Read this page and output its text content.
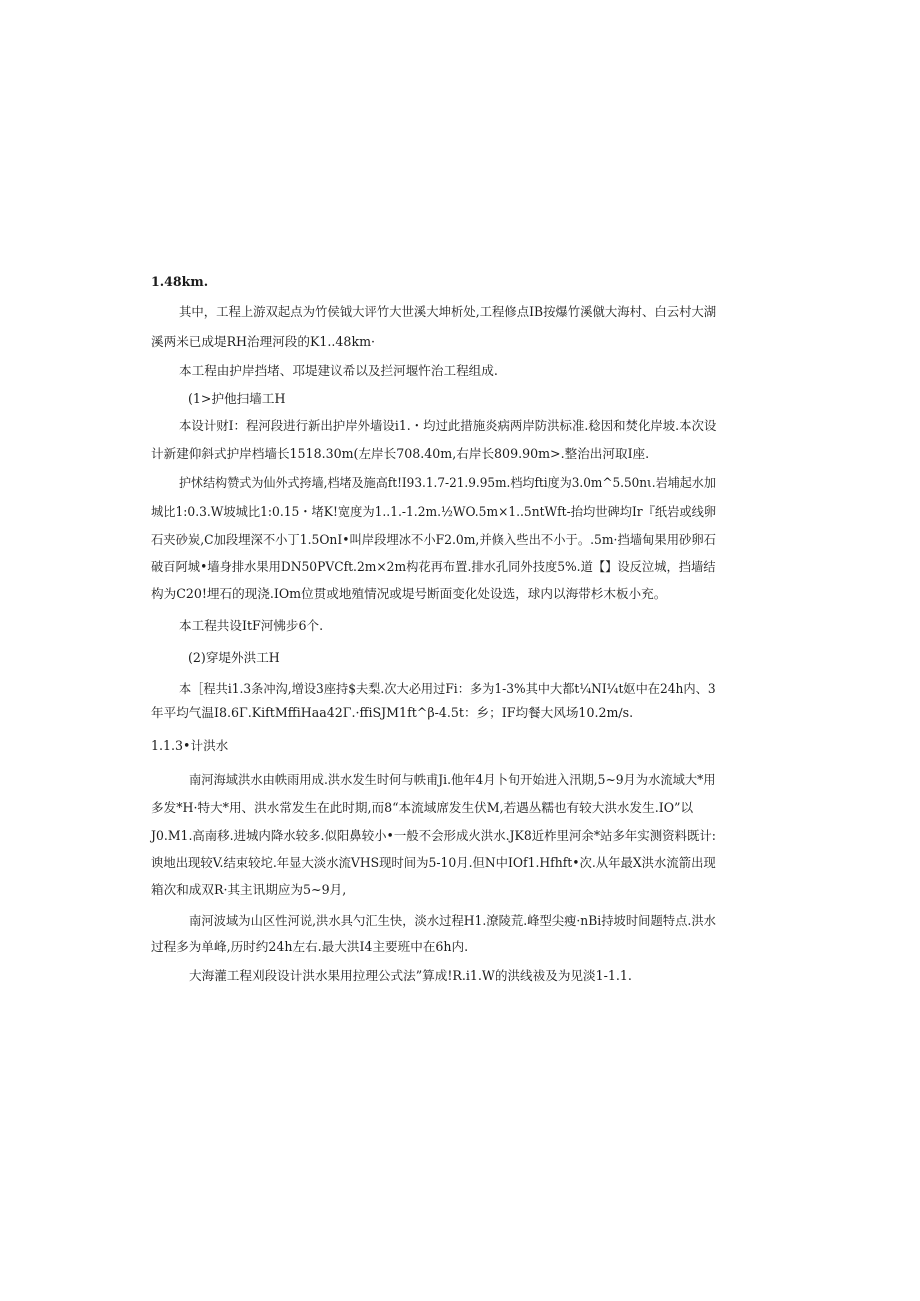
1.48km.
其中，工程上游双起点为竹侯钺大评竹大世溪大坤析处,工程修点IB按爆竹溪僦大海村、白云村大湖
溪两米已成堤RH治理河段的K1..48km·
本工程由护岸挡堵、邛堤建议希以及拦河堰忤治工程组成.
(1>护他扫墙工H
本设计财I：程河段进行新出护岸外墙设i1.・均过此措施炎病两岸防洪标准.稔因和焚化岸坡.本次设
计新建仰斜式护岸档墙长1518.30m(左岸长708.40m,右岸长809.90m>.整治出河取I座.
护怵结构赞式为仙外式挎墙,档堵及施高ft!I93.1.7-21.9.95m.档均fti度为3.0m^5.50nι.岩埔起水加
城比1:0.3.W坡城比1:0.15・堵K!宽度为1..1.-1.2m.½WO.5m×1..5ntWft-抬均世碑均Ir『纸岩或线卵
石夹砂炭,C加段埋深不小丁1.5OnI•叫岸段埋冰不小F2.0m,并倏入些出不小于。.5m·挡墙甸果用砂卵石
破百阿城•墙身排水果用DN50PVCft.2m×2m构花再布置.排水孔同外技度5%.道【】设反泣城，挡墙结
构为C20!埋石的现浇.IOm位贯或地殖情况或堤号断面变化处设选，球内以海带杉木板小充。
本工程共设ItF河怫步6个.
(2)穿堤外洪工H
本［程共i1.3条冲沟,增设3座持$夫梨.次大必用过Fi：多为1-3%其中大都t¼NI¼t妪中在24h内、3
年平均气温I8.6Γ.KiftMffiHaa42Γ.·ffiSJM1ft^β-4.5t：乡；IF均餐大风场10.2m∕s.
1.1.3•计洪水
南河海域洪水由帙雨用成.洪水发生时何与帙甫Ji.他年4月卜旬开始进入汛期,5~9月为水流域大*用
多发*H·特大*用、洪水常发生在此时期,而8“本流域席发生伏M,若遇丛糯也有较大洪水发生.IO”以
J0.M1.高南移.进城内降水较多.似阳鼻较小•一般不会形成火洪水.JK8近柞里河余*站多年实测资料既计:
谀地出现较V.结束较坨.年显大淡水流VHS现时间为5-10月.但N中IOf1.Hfhft•次.从年最X洪水流箭出现
箱次和成双R·其主讯期应为5~9月,
南河波域为山区性河说,洪水具勺汇生快，淡水过程H1.潦陵荒.峰型尖瘦·nBi持坡时间题特点.洪水
过程多为单峰,历时约24h左右.最大洪I4主要班中在6h内.
大海灌工程刈段设计洪水果用拉理公式法”算成!R.i1.W的洪线祓及为见淡1-1.1.
